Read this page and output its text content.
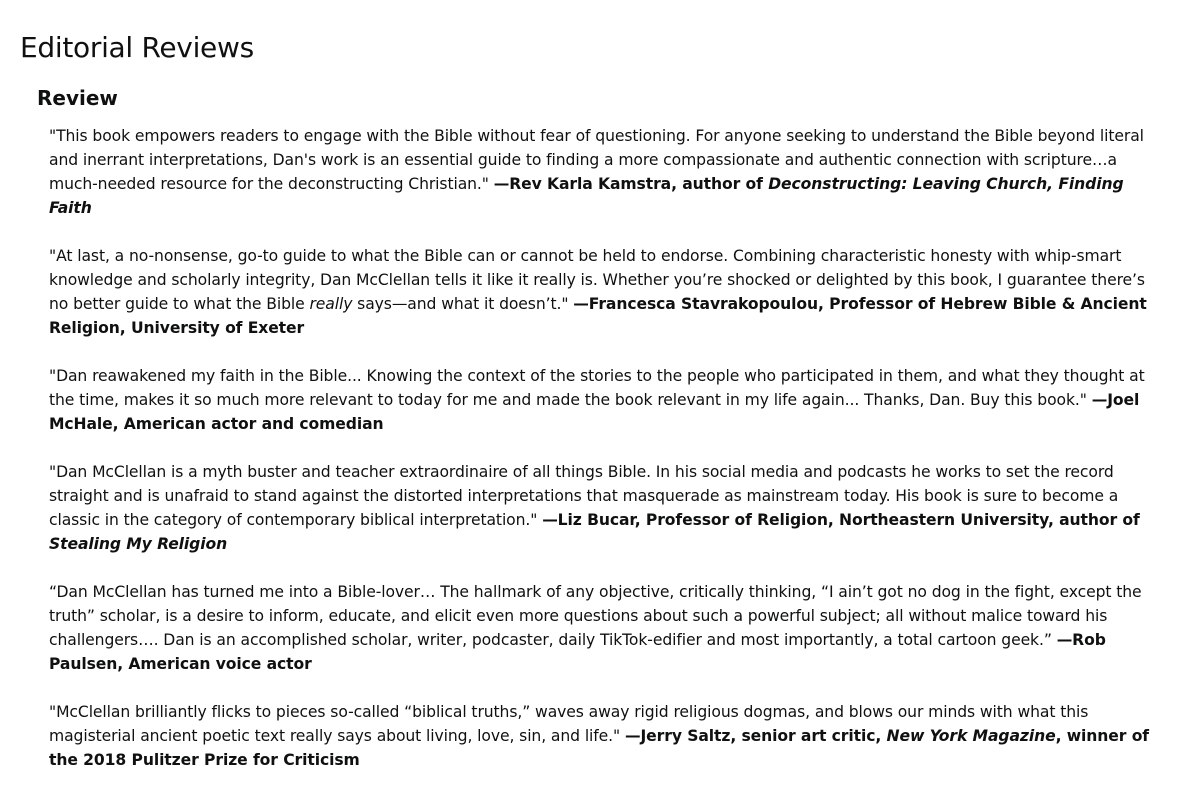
Editorial Reviews
Review

"This book empowers readers to engage with the Bible without fear of questioning. For anyone seeking to understand the Bible beyond literal and inerrant interpretations, Dan's work is an essential guide to finding a more compassionate and authentic connection with scripture…a much-needed resource for the deconstructing Christian." —Rev Karla Kamstra, author of Deconstructing: Leaving Church, Finding Faith

"At last, a no-nonsense, go-to guide to what the Bible can or cannot be held to endorse. Combining characteristic honesty with whip-smart knowledge and scholarly integrity, Dan McClellan tells it like it really is. Whether you’re shocked or delighted by this book, I guarantee there’s no better guide to what the Bible really says—and what it doesn’t." —Francesca Stavrakopoulou, Professor of Hebrew Bible & Ancient Religion, University of Exeter

"Dan reawakened my faith in the Bible... Knowing the context of the stories to the people who participated in them, and what they thought at the time, makes it so much more relevant to today for me and made the book relevant in my life again... Thanks, Dan. Buy this book." —Joel McHale, American actor and comedian

"Dan McClellan is a myth buster and teacher extraordinaire of all things Bible. In his social media and podcasts he works to set the record straight and is unafraid to stand against the distorted interpretations that masquerade as mainstream today. His book is sure to become a classic in the category of contemporary biblical interpretation." —Liz Bucar, Professor of Religion, Northeastern University, author of Stealing My Religion

“Dan McClellan has turned me into a Bible-lover… The hallmark of any objective, critically thinking, “I ain’t got no dog in the fight, except the truth” scholar, is a desire to inform, educate, and elicit even more questions about such a powerful subject; all without malice toward his challengers…. Dan is an accomplished scholar, writer, podcaster, daily TikTok-edifier and most importantly, a total cartoon geek.” —Rob Paulsen, American voice actor

"McClellan brilliantly flicks to pieces so-called “biblical truths,” waves away rigid religious dogmas, and blows our minds with what this magisterial ancient poetic text really says about living, love, sin, and life." —Jerry Saltz, senior art critic, New York Magazine, winner of the 2018 Pulitzer Prize for Criticism
